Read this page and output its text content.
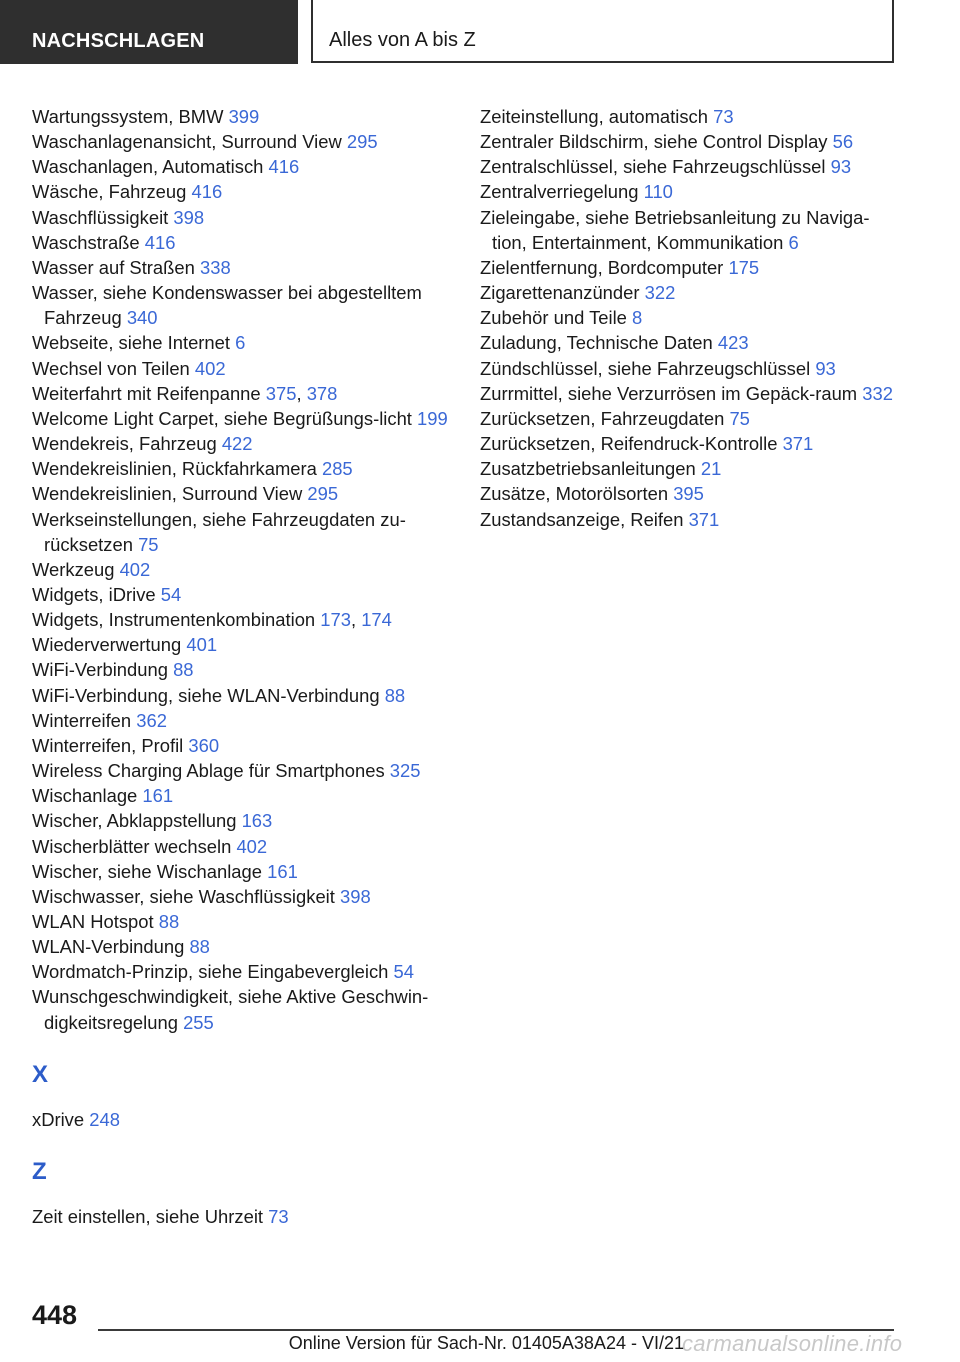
NACHSCHLAGEN	Alles von A bis Z
Wartungssystem, BMW 399
Waschanlagenansicht, Surround View 295
Waschanlagen, Automatisch 416
Wäsche, Fahrzeug 416
Waschflüssigkeit 398
Waschstraße 416
Wasser auf Straßen 338
Wasser, siehe Kondenswasser bei abgestelltem Fahrzeug 340
Webseite, siehe Internet 6
Wechsel von Teilen 402
Weiterfahrt mit Reifenpanne 375, 378
Welcome Light Carpet, siehe Begrüßungs-licht 199
Wendekreis, Fahrzeug 422
Wendekreislinien, Rückfahrkamera 285
Wendekreislinien, Surround View 295
Werkseinstellungen, siehe Fahrzeugdaten zu-rücksetzen 75
Werkzeug 402
Widgets, iDrive 54
Widgets, Instrumentenkombination 173, 174
Wiederverwertung 401
WiFi-Verbindung 88
WiFi-Verbindung, siehe WLAN-Verbindung 88
Winterreifen 362
Winterreifen, Profil 360
Wireless Charging Ablage für Smartphones 325
Wischanlage 161
Wischer, Abklappstellung 163
Wischerblätter wechseln 402
Wischer, siehe Wischanlage 161
Wischwasser, siehe Waschflüssigkeit 398
WLAN Hotspot 88
WLAN-Verbindung 88
Wordmatch-Prinzip, siehe Eingabevergleich 54
Wunschgeschwindigkeit, siehe Aktive Geschwin-digkeitsregelung 255
X
xDrive 248
Z
Zeit einstellen, siehe Uhrzeit 73
Zeiteinstellung, automatisch 73
Zentraler Bildschirm, siehe Control Display 56
Zentralschlüssel, siehe Fahrzeugschlüssel 93
Zentralverriegelung 110
Zieleingabe, siehe Betriebsanleitung zu Naviga-tion, Entertainment, Kommunikation 6
Zielentfernung, Bordcomputer 175
Zigarettenanzünder 322
Zubehör und Teile 8
Zuladung, Technische Daten 423
Zündschlüssel, siehe Fahrzeugschlüssel 93
Zurrmittel, siehe Verzurrösen im Gepäck-raum 332
Zurücksetzen, Fahrzeugdaten 75
Zurücksetzen, Reifendruck-Kontrolle 371
Zusatzbetriebsanleitungen 21
Zusätze, Motorölsorten 395
Zustandsanzeige, Reifen 371
448
carmanualsonline.info
Online Version für Sach-Nr. 01405A38A24 - VI/21
